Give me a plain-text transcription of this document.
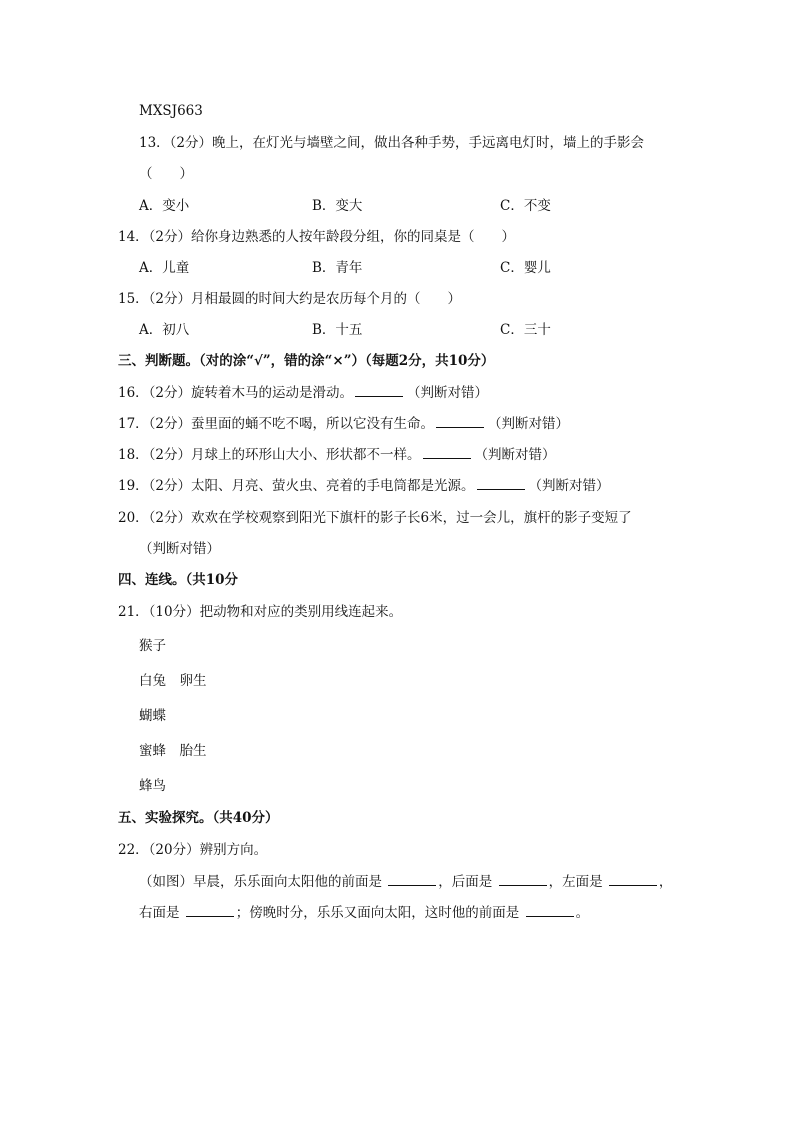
MXSJ663
13．（2分）晚上，在灯光与墙壁之间，做出各种手势，手远离电灯时，墙上的手影会
（　　）
A．变小	B．变大	C．不变
14．（2分）给你身边熟悉的人按年龄段分组，你的同桌是（　　）
A．儿童	B．青年	C．婴儿
15．（2分）月相最圆的时间大约是农历每个月的（　　）
A．初八	B．十五	C．三十
三、判断题。（对的涂“√”，错的涂“×”）（每题2分，共10分）
16．（2分）旋转着木马的运动是滑动。	（判断对错）
17．（2分）蚕里面的蛹不吃不喝，所以它没有生命。	（判断对错）
18．（2分）月球上的环形山大小、形状都不一样。	（判断对错）
19．（2分）太阳、月亮、萤火虫、亮着的手电筒都是光源。	（判断对错）
20．（2分）欢欢在学校观察到阳光下旗杆的影子长6米，过一会儿，旗杆的影子变短了
（判断对错）
四、连线。（共10分
21．（10分）把动物和对应的类别用线连起来。
猴子
白兔　卵生
蝴蝶
蜜蜂　胎生
蜂鸟
五、实验探究。（共40分）
22．（20分）辨别方向。
（如图）早晨，乐乐面向太阳他的前面是	，后面是	，左面是	，
右面是	；傍晚时分，乐乐又面向太阳，这时他的前面是	。
